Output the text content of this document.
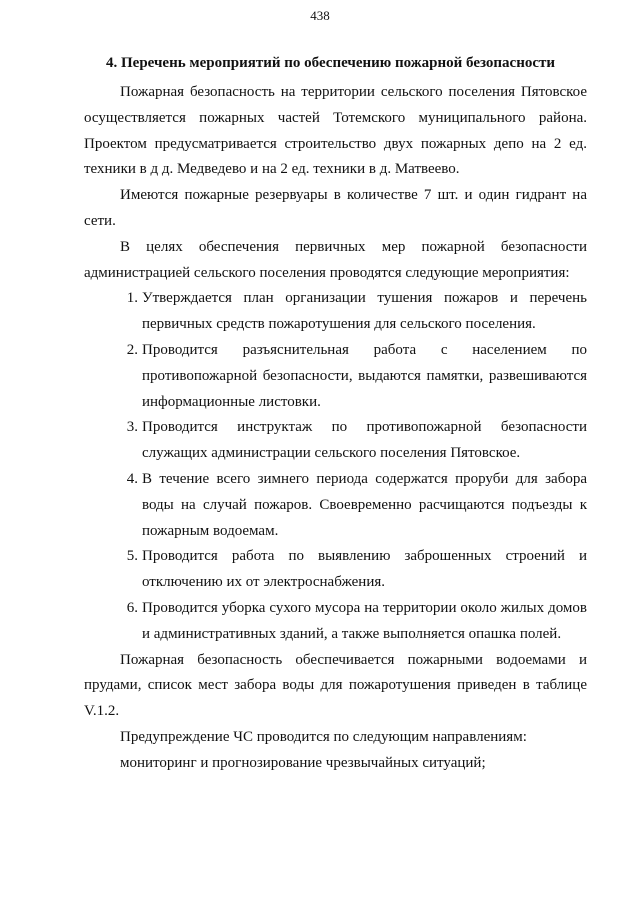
438
4. Перечень мероприятий по обеспечению пожарной безопасности

Пожарная безопасность на территории сельского поселения Пятовское осуществляется пожарных частей Тотемского муниципального района. Проектом предусматривается строительство двух пожарных депо на 2 ед. техники в д д. Медведево и на 2 ед. техники в д. Матвеево.

Имеются пожарные резервуары в количестве 7 шт. и один гидрант на сети.

В целях обеспечения первичных мер пожарной безопасности администрацией сельского поселения проводятся следующие мероприятия:

1. Утверждается план организации тушения пожаров и перечень первичных средств пожаротушения для сельского поселения.
2. Проводится разъяснительная работа с населением по противопожарной безопасности, выдаются памятки, развешиваются информационные листовки.
3. Проводится инструктаж по противопожарной безопасности служащих администрации сельского поселения Пятовское.
4. В течение всего зимнего периода содержатся проруби для забора воды на случай пожаров. Своевременно расчищаются подъезды к пожарным водоемам.
5. Проводится работа по выявлению заброшенных строений и отключению их от электроснабжения.
6. Проводится уборка сухого мусора на территории около жилых домов и административных зданий, а также выполняется опашка полей.

Пожарная безопасность обеспечивается пожарными водоемами и прудами, список мест забора воды для пожаротушения приведен в таблице V.1.2.

Предупреждение ЧС проводится по следующим направлениям:

мониторинг и прогнозирование чрезвычайных ситуаций;
